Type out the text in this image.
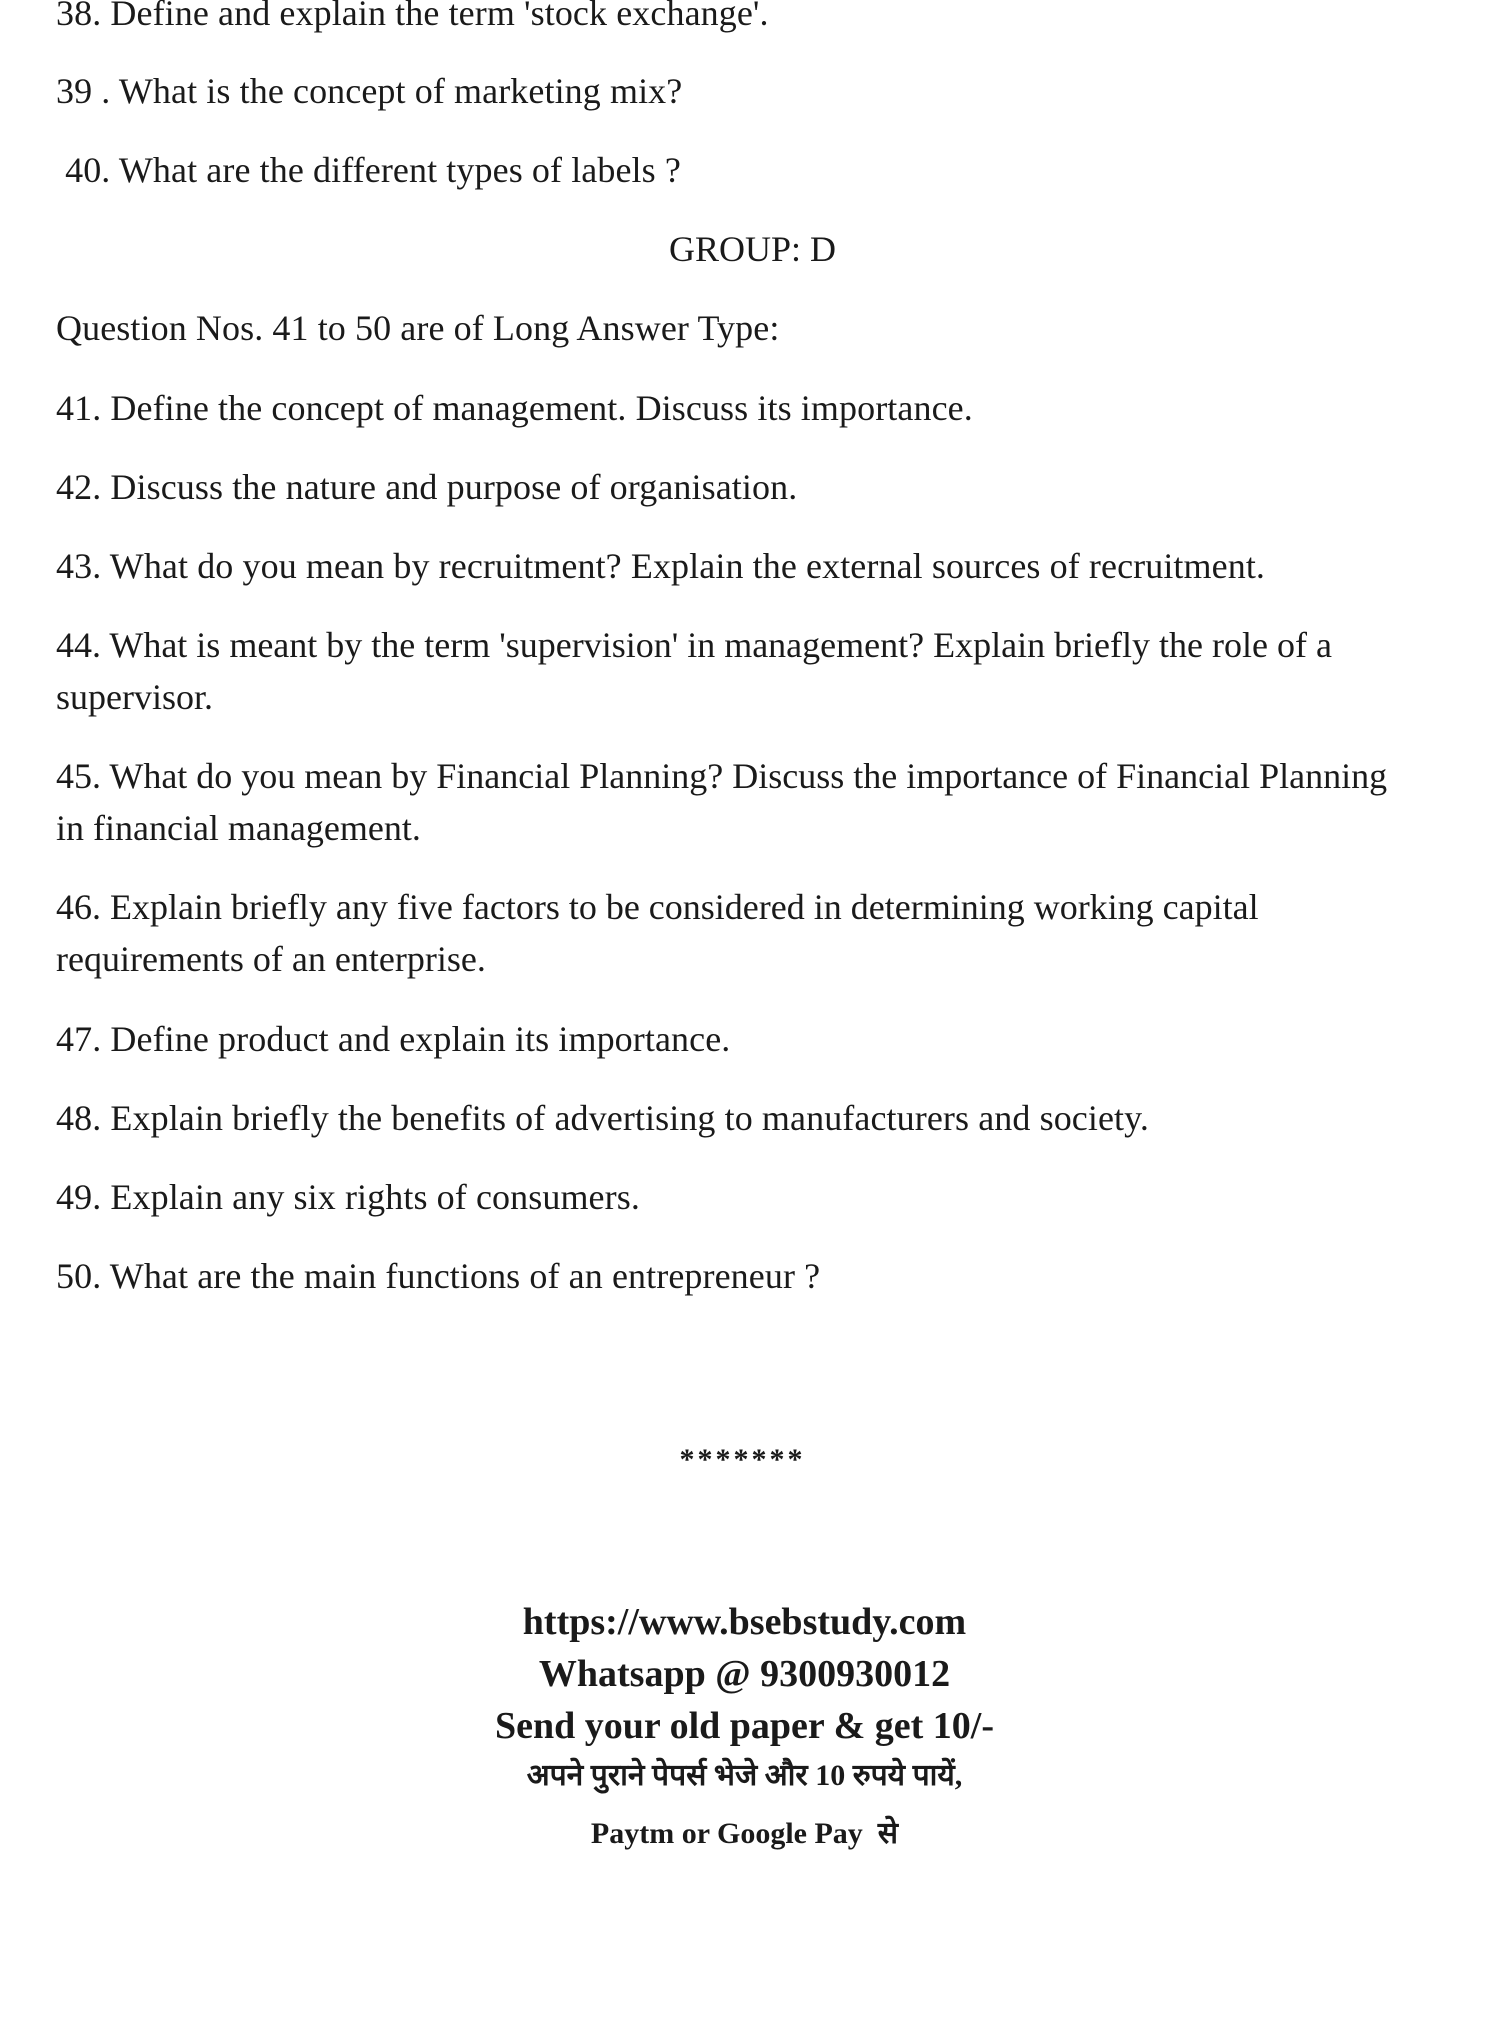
38. Define and explain the term 'stock exchange'.
39 . What is the concept of marketing mix?
40. What are the different types of labels ?
GROUP: D
Question Nos. 41 to 50 are of Long Answer Type:
41. Define the concept of management. Discuss its importance.
42. Discuss the nature and purpose of organisation.
43. What do you mean by recruitment? Explain the external sources of recruitment.
44. What is meant by the term 'supervision' in management? Explain briefly the role of a supervisor.
45. What do you mean by Financial Planning? Discuss the importance of Financial Planning in financial management.
46. Explain briefly any five factors to be considered in determining working capital requirements of an enterprise.
47. Define product and explain its importance.
48. Explain briefly the benefits of advertising to manufacturers and society.
49. Explain any six rights of consumers.
50. What are the main functions of an entrepreneur ?
*******
https://www.bsebstudy.com
Whatsapp @ 9300930012
Send your old paper & get 10/-
अपने पुराने पेपर्स भेजे और 10 रुपये पायें,
Paytm or Google Pay  से
